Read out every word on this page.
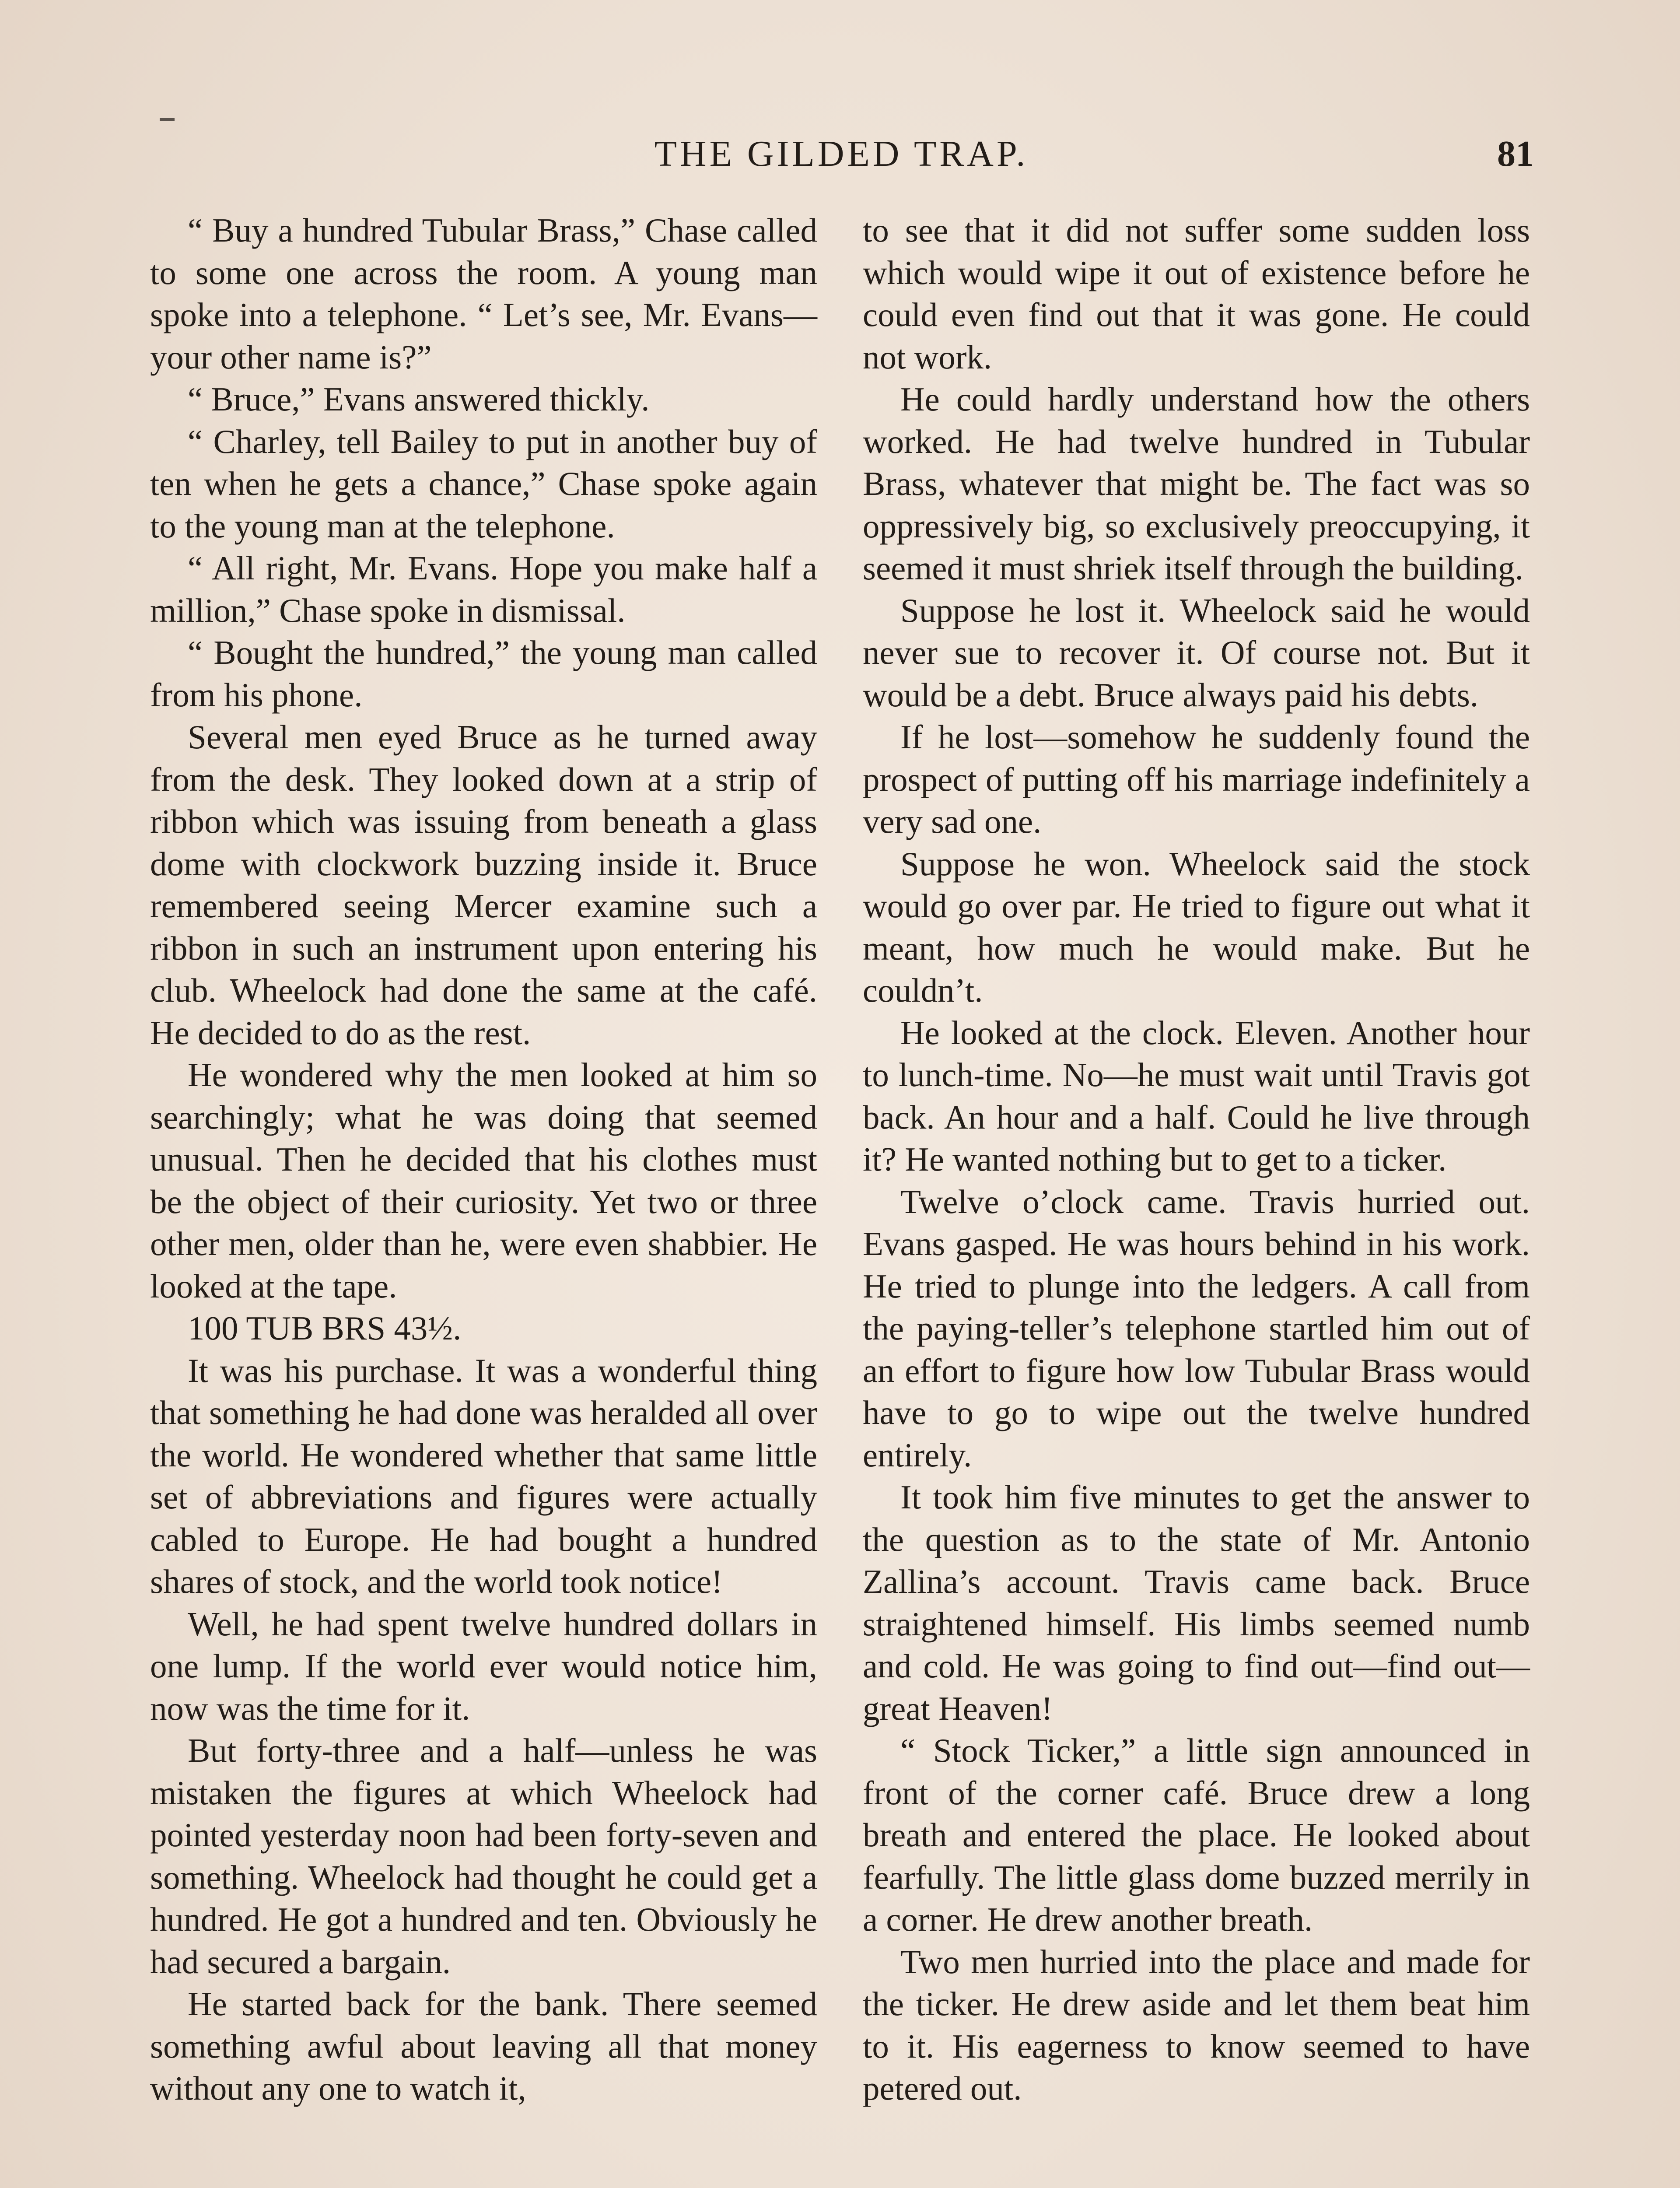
THE GILDED TRAP.	81

“ Buy a hundred Tubular Brass,” Chase called to some one across the room. A young man spoke into a telephone. “ Let’s see, Mr. Evans—your other name is?”

“ Bruce,” Evans answered thickly.

“ Charley, tell Bailey to put in another buy of ten when he gets a chance,” Chase spoke again to the young man at the telephone.

“ All right, Mr. Evans. Hope you make half a million,” Chase spoke in dismissal.

“ Bought the hundred,” the young man called from his phone.

Several men eyed Bruce as he turned away from the desk. They looked down at a strip of ribbon which was issuing from beneath a glass dome with clockwork buzzing inside it. Bruce remembered seeing Mercer examine such a ribbon in such an instrument upon entering his club. Wheelock had done the same at the café. He decided to do as the rest.

He wondered why the men looked at him so searchingly; what he was doing that seemed unusual. Then he decided that his clothes must be the object of their curiosity. Yet two or three other men, older than he, were even shabbier. He looked at the tape.

100 TUB BRS 43½.

It was his purchase. It was a wonderful thing that something he had done was heralded all over the world. He wondered whether that same little set of abbreviations and figures were actually cabled to Europe. He had bought a hundred shares of stock, and the world took notice!

Well, he had spent twelve hundred dollars in one lump. If the world ever would notice him, now was the time for it.

But forty-three and a half—unless he was mistaken the figures at which Wheelock had pointed yesterday noon had been forty-seven and something. Wheelock had thought he could get a hundred. He got a hundred and ten. Obviously he had secured a bargain.

He started back for the bank. There seemed something awful about leaving all that money without any one to watch it,

to see that it did not suffer some sudden loss which would wipe it out of existence before he could even find out that it was gone. He could not work.

He could hardly understand how the others worked. He had twelve hundred in Tubular Brass, whatever that might be. The fact was so oppressively big, so exclusively preoccupying, it seemed it must shriek itself through the building.

Suppose he lost it. Wheelock said he would never sue to recover it. Of course not. But it would be a debt. Bruce always paid his debts.

If he lost—somehow he suddenly found the prospect of putting off his marriage indefinitely a very sad one.

Suppose he won. Wheelock said the stock would go over par. He tried to figure out what it meant, how much he would make. But he couldn’t.

He looked at the clock. Eleven. Another hour to lunch-time. No—he must wait until Travis got back. An hour and a half. Could he live through it? He wanted nothing but to get to a ticker.

Twelve o’clock came. Travis hurried out. Evans gasped. He was hours behind in his work. He tried to plunge into the ledgers. A call from the paying-teller’s telephone startled him out of an effort to figure how low Tubular Brass would have to go to wipe out the twelve hundred entirely.

It took him five minutes to get the answer to the question as to the state of Mr. Antonio Zallina’s account. Travis came back. Bruce straightened himself. His limbs seemed numb and cold. He was going to find out—find out—great Heaven!

“ Stock Ticker,” a little sign announced in front of the corner café. Bruce drew a long breath and entered the place. He looked about fearfully. The little glass dome buzzed merrily in a corner. He drew another breath.

Two men hurried into the place and made for the ticker. He drew aside and let them beat him to it. His eagerness to know seemed to have petered out.
